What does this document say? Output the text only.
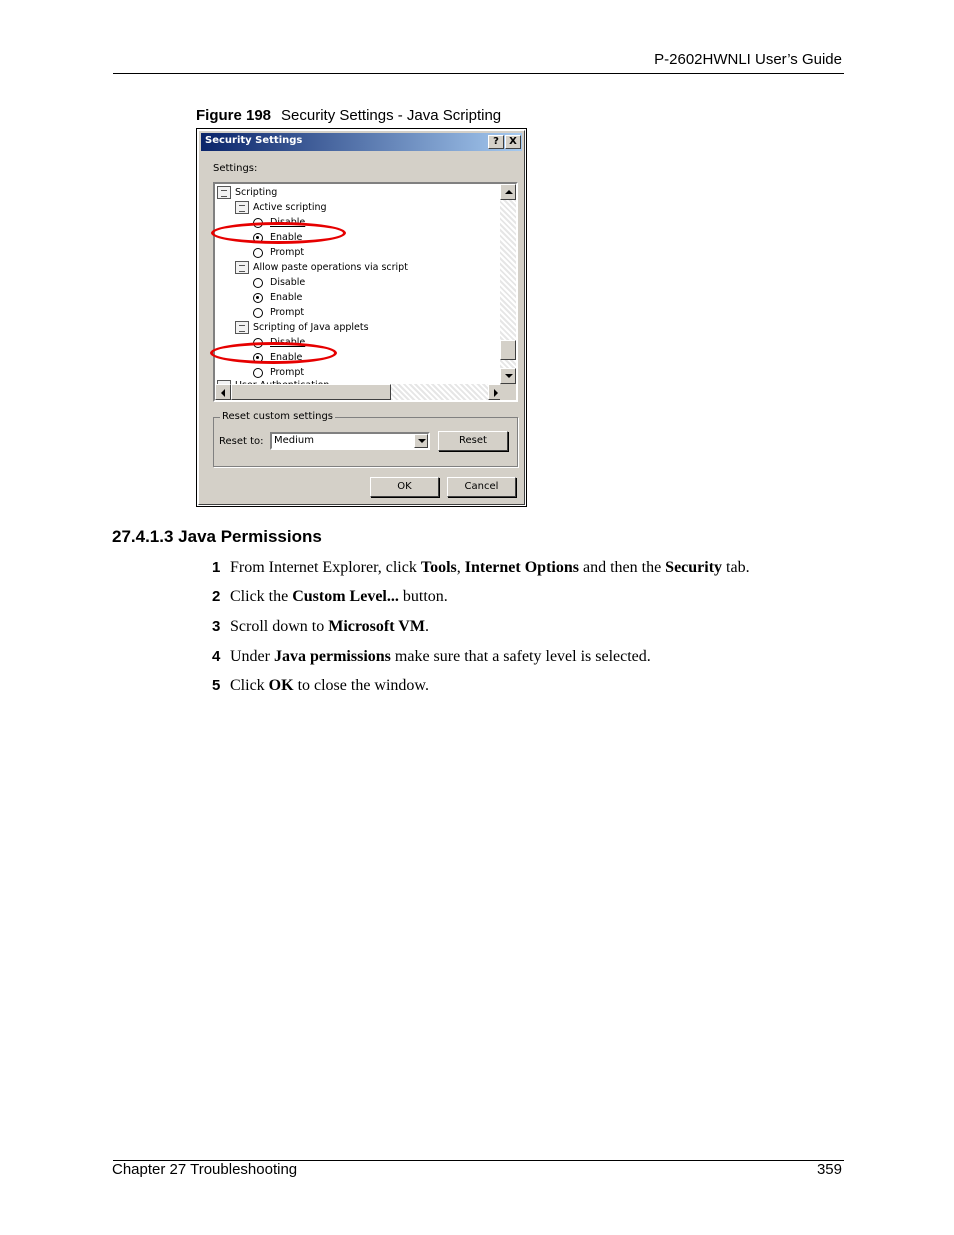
P-2602HWNLI User’s Guide
Figure 198 Security Settings - Java Scripting
Security Settings	?	X
Settings:
Scripting
Active scripting
Disable
Enable
Prompt
Allow paste operations via script
Disable
Enable
Prompt
Scripting of Java applets
Disable
Enable
Prompt
Reset custom settings
Reset to:	Medium	Reset
OK	Cancel
27.4.1.3 Java Permissions
1 From Internet Explorer, click Tools, Internet Options and then the Security tab.
2 Click the Custom Level... button.
3 Scroll down to Microsoft VM.
4 Under Java permissions make sure that a safety level is selected.
5 Click OK to close the window.
Chapter 27 Troubleshooting	359
